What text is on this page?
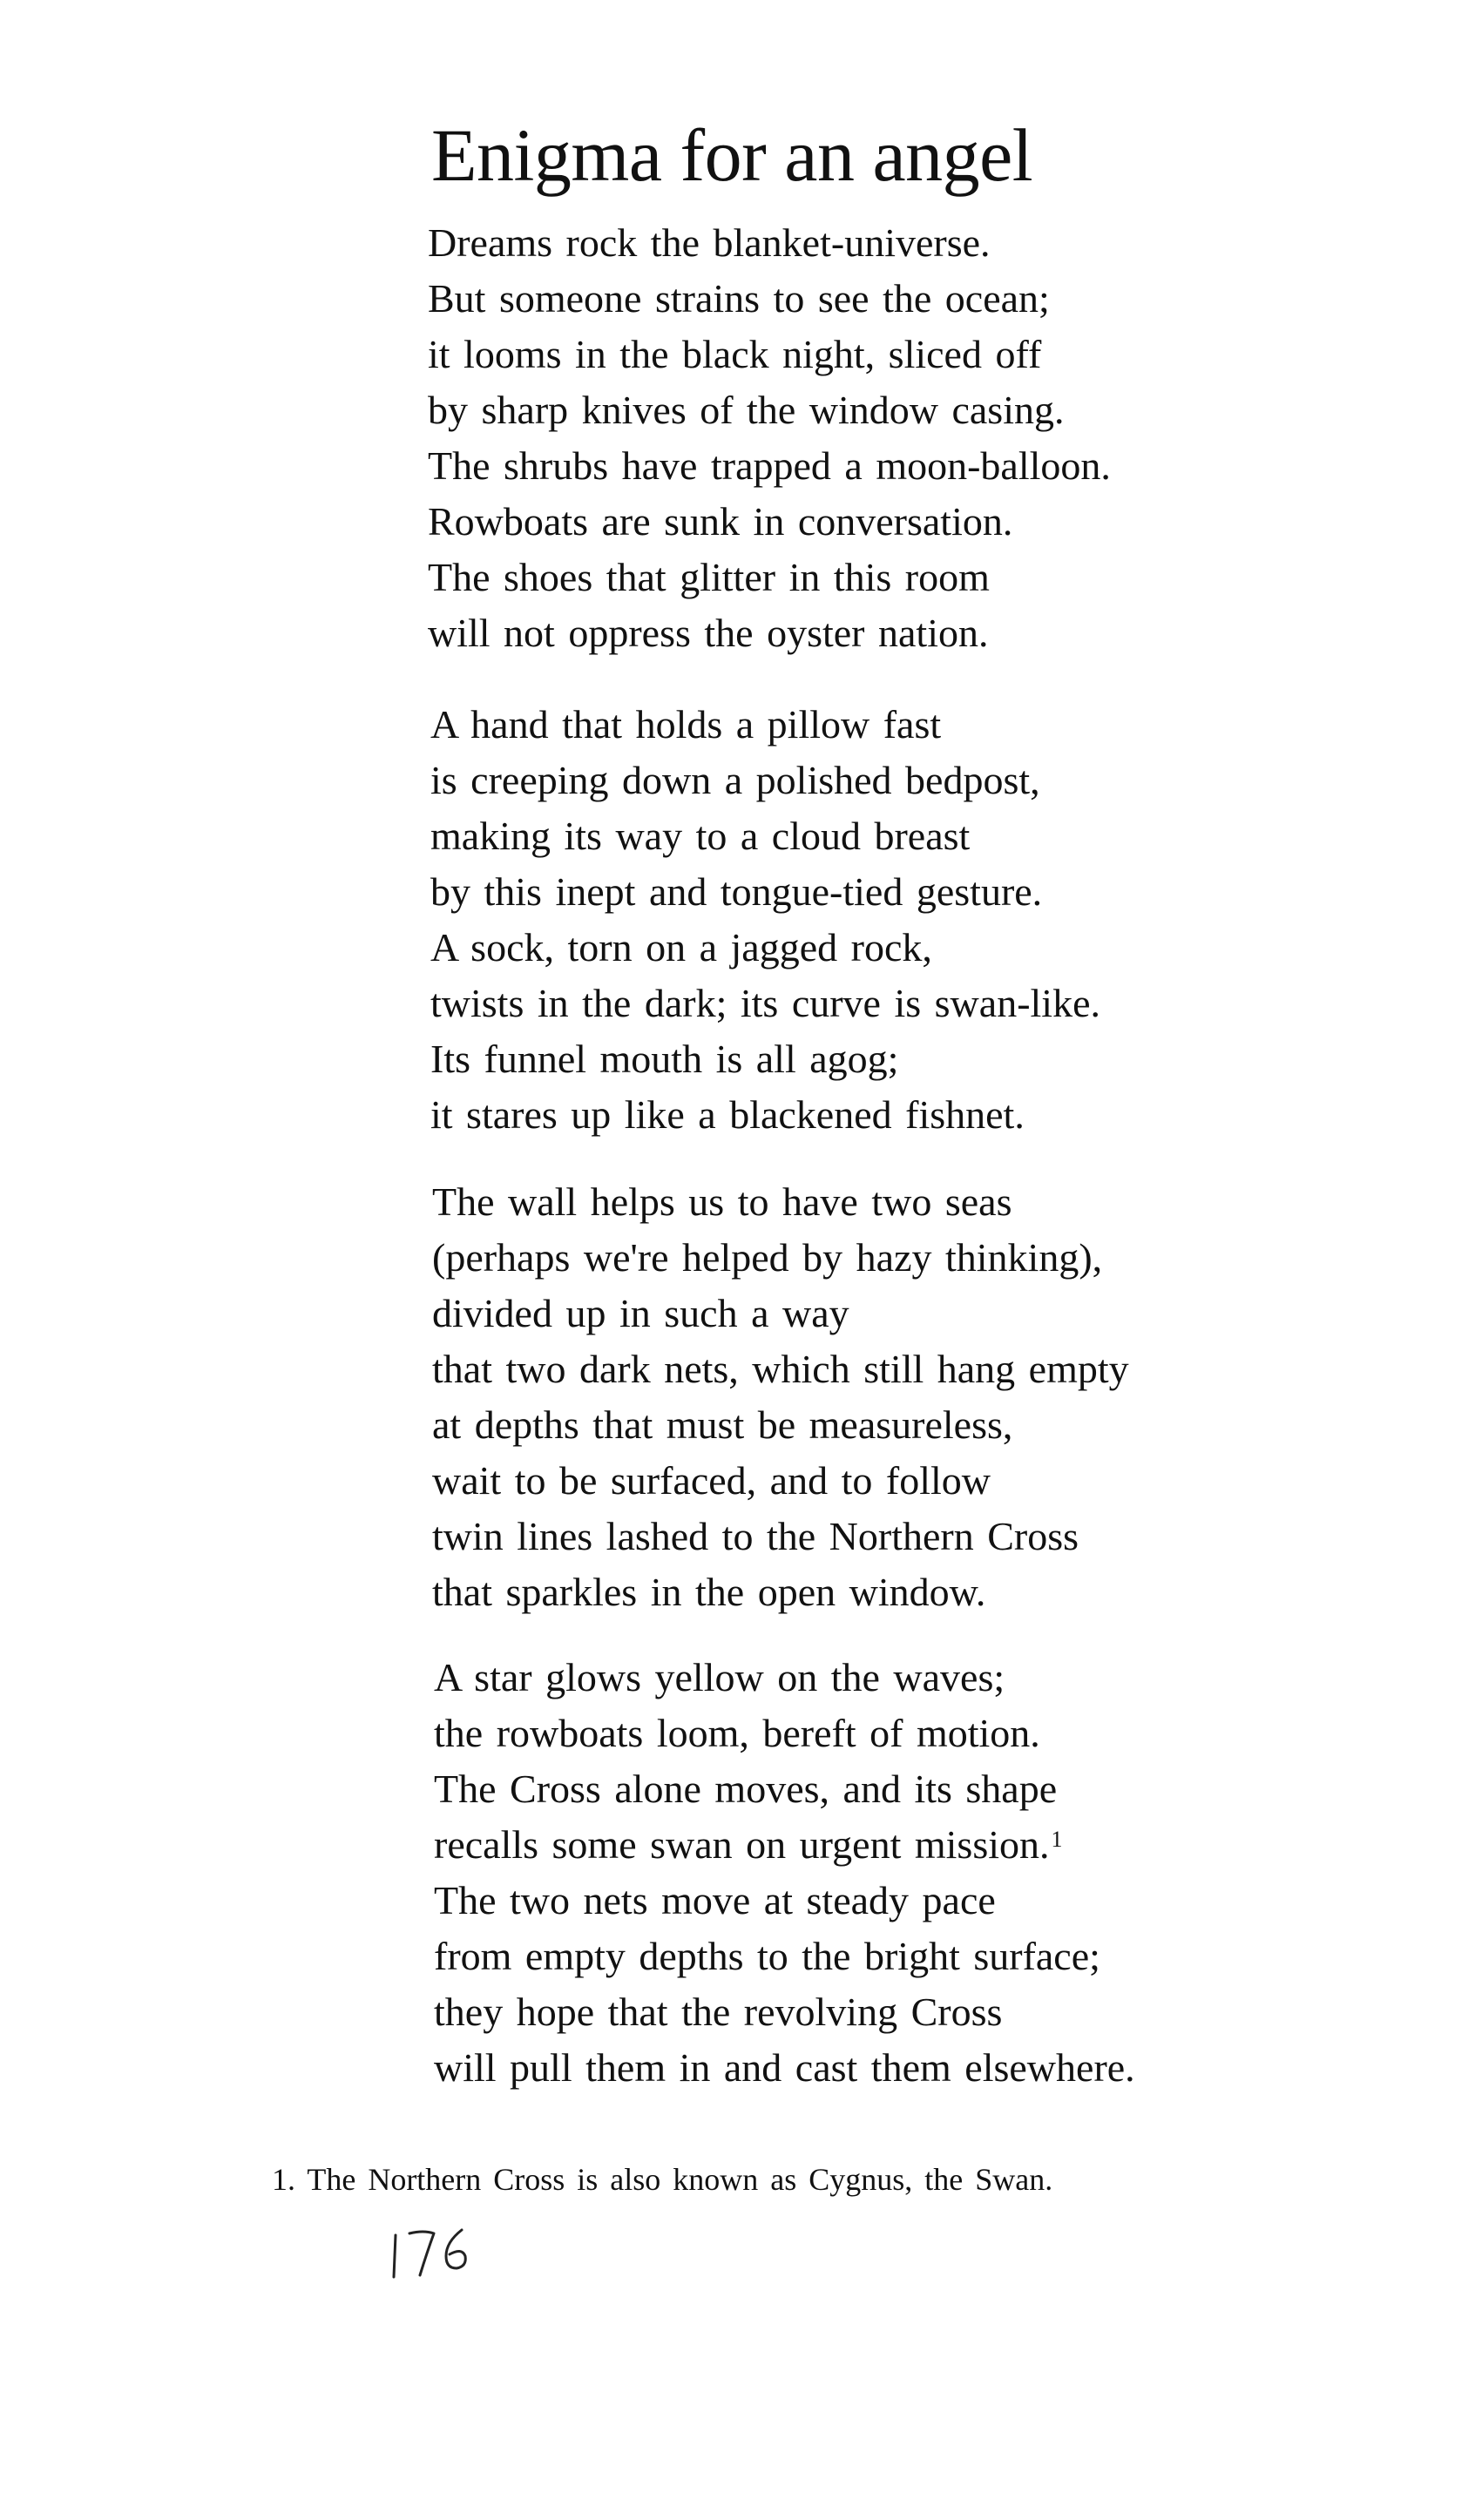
Enigma for an angel
Dreams rock the blanket-universe.
But someone strains to see the ocean;
it looms in the black night, sliced off
by sharp knives of the window casing.
The shrubs have trapped a moon-balloon.
Rowboats are sunk in conversation.
The shoes that glitter in this room
will not oppress the oyster nation.
A hand that holds a pillow fast
is creeping down a polished bedpost,
making its way to a cloud breast
by this inept and tongue-tied gesture.
A sock, torn on a jagged rock,
twists in the dark; its curve is swan-like.
Its funnel mouth is all agog;
it stares up like a blackened fishnet.
The wall helps us to have two seas
(perhaps we're helped by hazy thinking),
divided up in such a way
that two dark nets, which still hang empty
at depths that must be measureless,
wait to be surfaced, and to follow
twin lines lashed to the Northern Cross
that sparkles in the open window.
A star glows yellow on the waves;
the rowboats loom, bereft of motion.
The Cross alone moves, and its shape
recalls some swan on urgent mission.$^1$
The two nets move at steady pace
from empty depths to the bright surface;
they hope that the revolving Cross
will pull them in and cast them elsewhere.
1. The Northern Cross is also known as Cygnus, the Swan.
